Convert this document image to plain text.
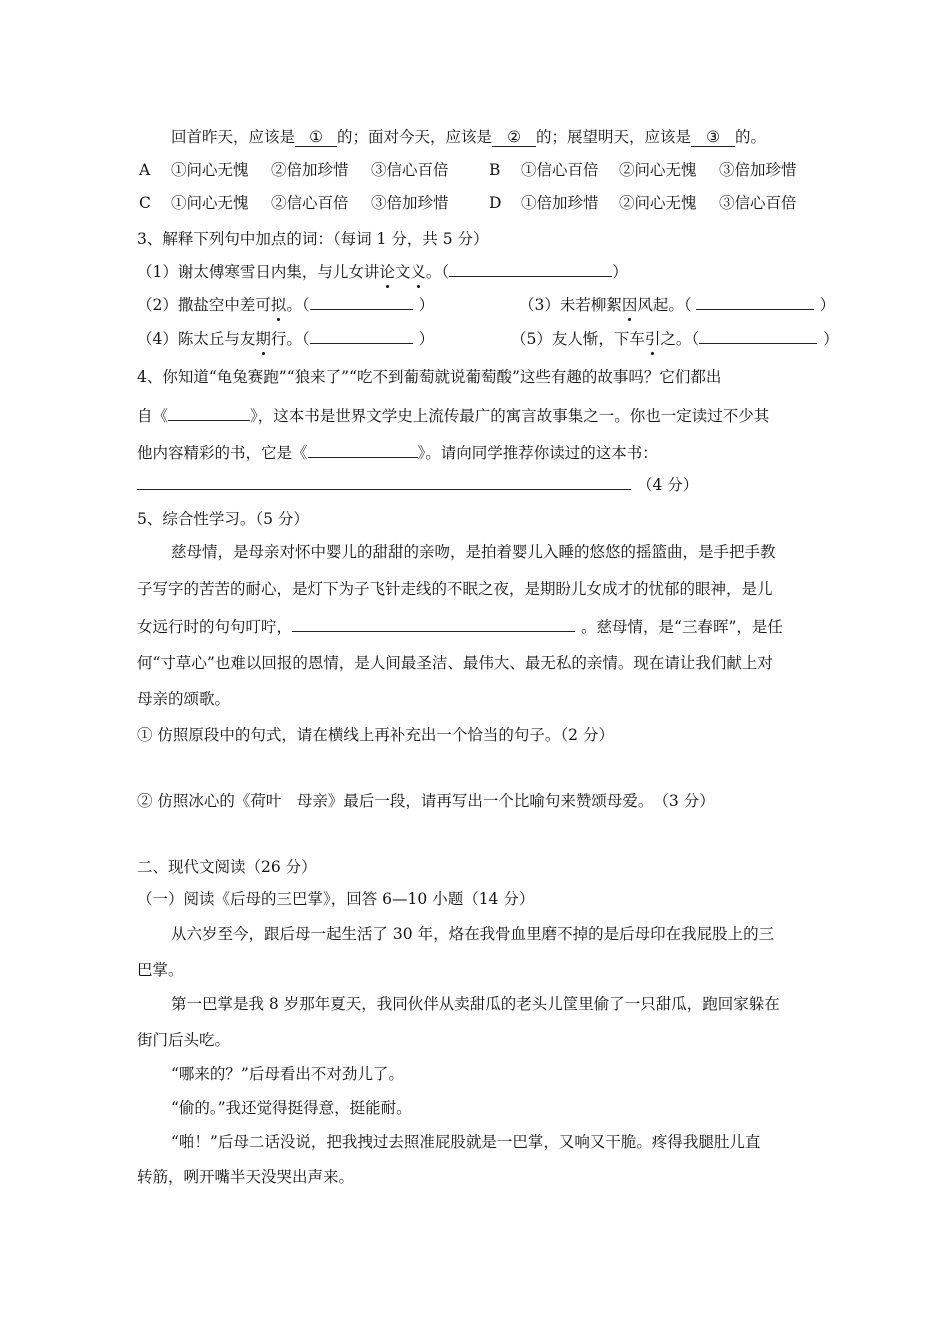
回首昨天，应该是 ① 的；面对今天，应该是 ② 的；展望明天，应该是 ③ 的。
A ①问心无愧 ②倍加珍惜 ③信心百倍	B ①信心百倍 ②问心无愧 ③倍加珍惜
C ①问心无愧 ②信心百倍 ③倍加珍惜	D ①倍加珍惜 ②问心无愧 ③信心百倍
3、解释下列句中加点的词：（每词 1 分，共 5 分）
（1）谢太傅寒雪日内集，与儿女讲论文义。（	）
（2）撒盐空中差可拟。（	）	（3）未若柳絮因风起。（	）
（4）陈太丘与友期行。（	）	（5）友人惭，下车引之。（	）
4、你知道“龟兔赛跑”“狼来了”“吃不到葡萄就说葡萄酸”这些有趣的故事吗？它们都出
自《	》，这本书是世界文学史上流传最广的寓言故事集之一。你也一定读过不少其
他内容精彩的书，它是《	》。请向同学推荐你读过的这本书：
（4 分）
5、综合性学习。（5 分）
慈母情，是母亲对怀中婴儿的甜甜的亲吻，是拍着婴儿入睡的悠悠的摇篮曲，是手把手教
子写字的苦苦的耐心，是灯下为子飞针走线的不眠之夜，是期盼儿女成才的忧郁的眼神，是儿
女远行时的句句叮咛，	。慈母情，是“三春晖”，是任
何“寸草心”也难以回报的恩情，是人间最圣洁、最伟大、最无私的亲情。现在请让我们献上对
母亲的颂歌。
① 仿照原段中的句式，请在横线上再补充出一个恰当的句子。（2 分）
② 仿照冰心的《荷叶　母亲》最后一段，请再写出一个比喻句来赞颂母爱。　（3 分）
二、现代文阅读（26 分）
（一）阅读《后母的三巴掌》，回答 6—10 小题（14 分）
从六岁至今，跟后母一起生活了 30 年，烙在我骨血里磨不掉的是后母印在我屁股上的三
巴掌。
第一巴掌是我 8 岁那年夏天，我同伙伴从卖甜瓜的老头儿筐里偷了一只甜瓜，跑回家躲在
街门后头吃。
“哪来的？”后母看出不对劲儿了。
“偷的。”我还觉得挺得意，挺能耐。
“啪！”后母二话没说，把我拽过去照准屁股就是一巴掌，又响又干脆。疼得我腿肚儿直
转筋，咧开嘴半天没哭出声来。
